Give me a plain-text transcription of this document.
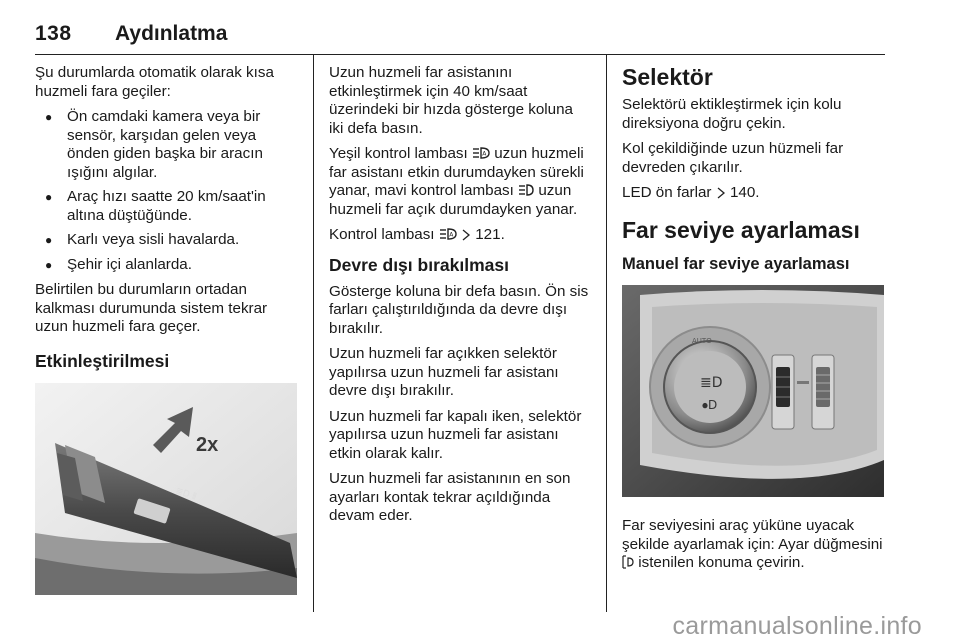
138 Aydınlatma

Şu durumlarda otomatik olarak kısa huzmeli fara geçiler:

● Ön camdaki kamera veya bir sensör, karşıdan gelen veya önden giden başka bir aracın ışığını algılar.
● Araç hızı saatte 20 km/saat'in altına düştüğünde.
● Karlı veya sisli havalarda.
● Şehir içi alanlarda.

Belirtilen bu durumların ortadan kalkması durumunda sistem tekrar uzun huzmeli fara geçer.

Etkinleştirilmesi
≣D ⦀
2x

Uzun huzmeli far asistanını etkinleştirmek için 40 km/saat üzerindeki bir hızda gösterge koluna iki defa basın.

Yeşil kontrol lambası A uzun huzmeli far asistanı etkin durumdayken sürekli yanar, mavi kontrol lambası uzun huzmeli far açık durumdayken yanar.

Kontrol lambası A 121.

Devre dışı bırakılması

Gösterge koluna bir defa basın. Ön sis farları çalıştırıldığında da devre dışı bırakılır.

Uzun huzmeli far açıkken selektör yapılırsa uzun huzmeli far asistanı devre dışı bırakılır.

Uzun huzmeli far kapalı iken, selektör yapılırsa uzun huzmeli far asistanı etkin olarak kalır.

Uzun huzmeli far asistanının en son ayarları kontak tekrar açıldığında devam eder.

Selektör

Selektörü ektikleştirmek için kolu direksiyona doğru çekin.

Kol çekildiğinde uzun hüzmeli far devreden çıkarılır.

LED ön farlar 140.

Far seviye ayarlaması
Manuel far seviye ayarlaması
AUTO
≣D
⦁D

Far seviyesini araç yüküne uyacak şekilde ayarlamak için: Ayar düğmesini  istenilen konuma çevirin.

carmanualsonline.info
